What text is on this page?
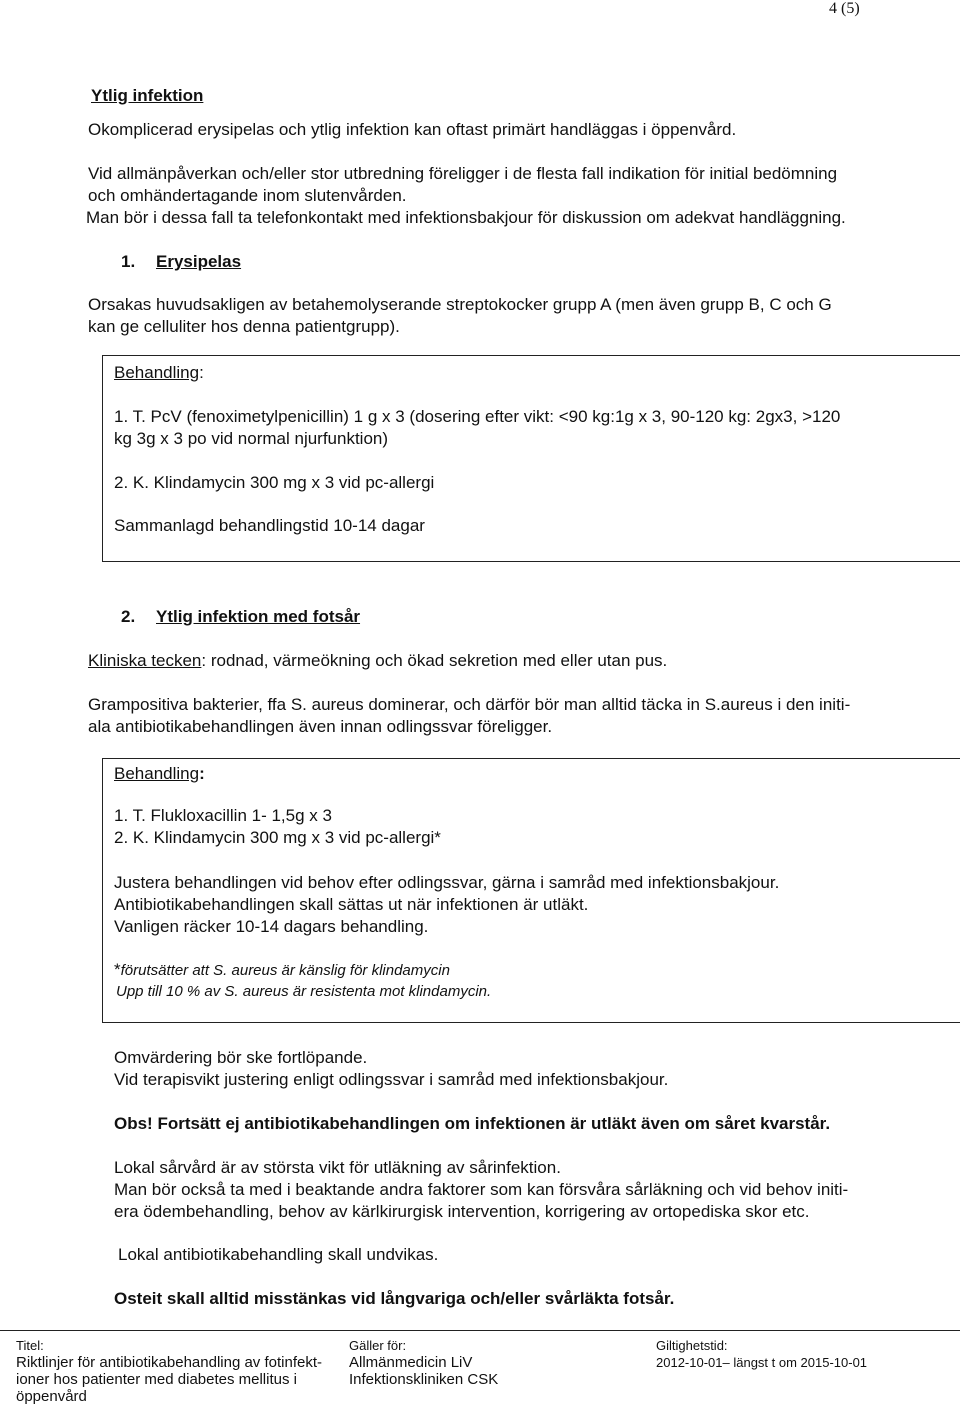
4 (5)
Ytlig infektion
Okomplicerad erysipelas och ytlig infektion kan oftast primärt handläggas i öppenvård.
Vid allmänpåverkan och/eller stor utbredning föreligger i de flesta fall indikation för initial bedömning
och omhändertagande inom slutenvården.
Man bör i dessa fall ta telefonkontakt med infektionsbakjour för diskussion om adekvat handläggning.
1. Erysipelas
Orsakas huvudsakligen av betahemolyserande streptokocker grupp A (men även grupp B, C och G
kan ge celluliter hos denna patientgrupp).
Behandling:
1. T. PcV (fenoximetylpenicillin) 1 g x 3 (dosering efter vikt: <90 kg:1g x 3, 90-120 kg: 2gx3, >120
kg 3g x 3 po vid normal njurfunktion)
2. K. Klindamycin 300 mg x 3 vid pc-allergi
Sammanlagd behandlingstid 10-14 dagar
2. Ytlig infektion med fotsår
Kliniska tecken: rodnad, värmeökning och ökad sekretion med eller utan pus.
Grampositiva bakterier, ffa S. aureus dominerar, och därför bör man alltid täcka in S.aureus i den initi-
ala antibiotikabehandlingen även innan odlingssvar föreligger.
Behandling:
1. T. Flukloxacillin 1- 1,5g x 3
2. K. Klindamycin 300 mg x 3 vid pc-allergi*
Justera behandlingen vid behov efter odlingssvar, gärna i samråd med infektionsbakjour.
Antibiotikabehandlingen skall sättas ut när infektionen är utläkt.
Vanligen räcker 10-14 dagars behandling.
*förutsätter att S. aureus är känslig för klindamycin
Upp till 10 % av S. aureus är resistenta mot klindamycin.
Omvärdering bör ske fortlöpande.
Vid terapisvikt justering enligt odlingssvar i samråd med infektionsbakjour.
Obs! Fortsätt ej antibiotikabehandlingen om infektionen är utläkt även om såret kvarstår.
Lokal sårvård är av största vikt för utläkning av sårinfektion.
Man bör också ta med i beaktande andra faktorer som kan försvåra sårläkning och vid behov initi-
era ödembehandling, behov av kärlkirurgisk intervention, korrigering av ortopediska skor etc.
Lokal antibiotikabehandling skall undvikas.
Osteit skall alltid misstänkas vid långvariga och/eller svårläkta fotsår.
Titel:
Riktlinjer för antibiotikabehandling av fotinfekt-
ioner hos patienter med diabetes mellitus i
öppenvård
Gäller för:
Allmänmedicin LiV
Infektionskliniken CSK
Giltighetstid:
2012-10-01– längst t om 2015-10-01
